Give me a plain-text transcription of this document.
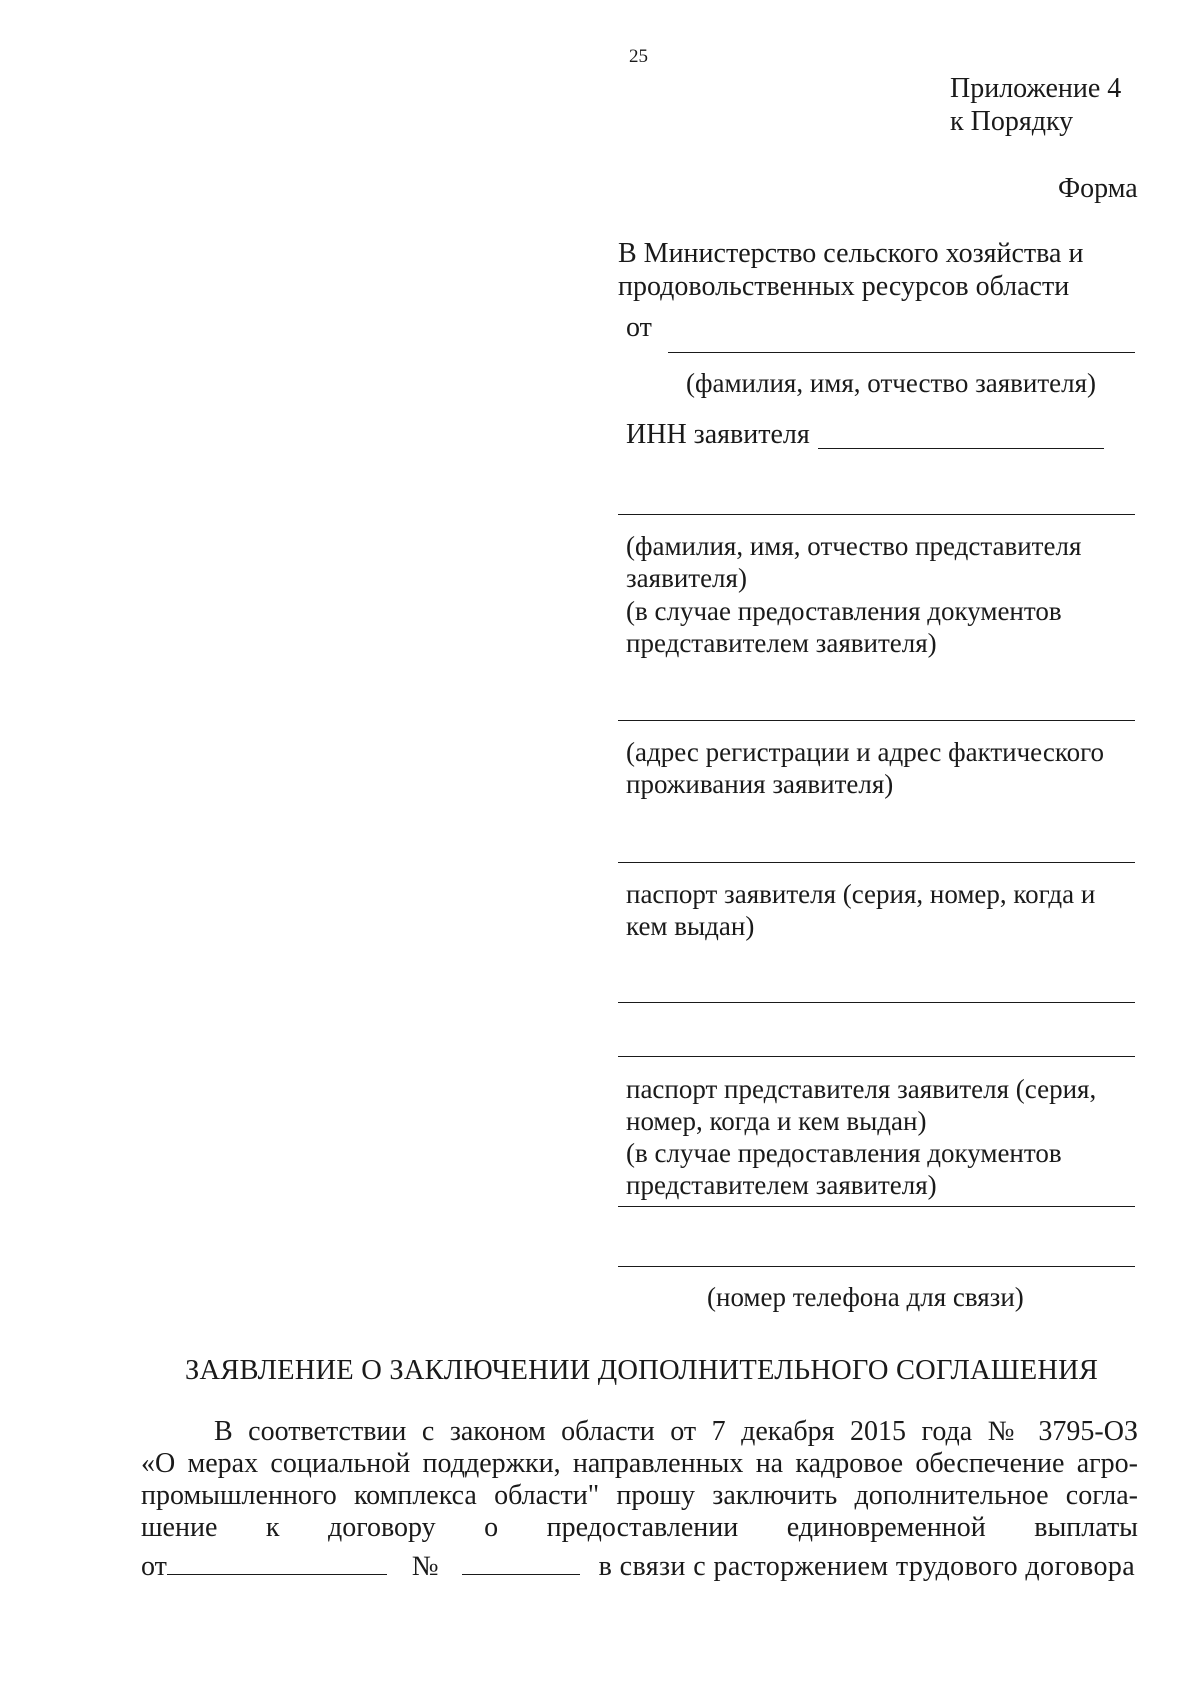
25
Приложение 4
к Порядку
Форма
В Министерство сельского хозяйства и
продовольственных ресурсов области
от
(фамилия, имя, отчество заявителя)
ИНН заявителя
(фамилия, имя, отчество представителя
заявителя)
(в случае предоставления документов
представителем заявителя)
(адрес регистрации и адрес фактического
проживания заявителя)
паспорт заявителя (серия, номер, когда и
кем выдан)
паспорт представителя заявителя (серия,
номер, когда и кем выдан)
(в случае предоставления документов
представителем заявителя)
(номер телефона для связи)
ЗАЯВЛЕНИЕ О ЗАКЛЮЧЕНИИ ДОПОЛНИТЕЛЬНОГО СОГЛАШЕНИЯ
В соответствии с законом области от 7 декабря 2015 года № 3795-ОЗ
«О мерах социальной поддержки, направленных на кадровое обеспечение агро-
промышленного комплекса области" прошу заключить дополнительное согла-
шение к договору о предоставлении единовременной выплаты
от	№	в связи с расторжением трудового договора
